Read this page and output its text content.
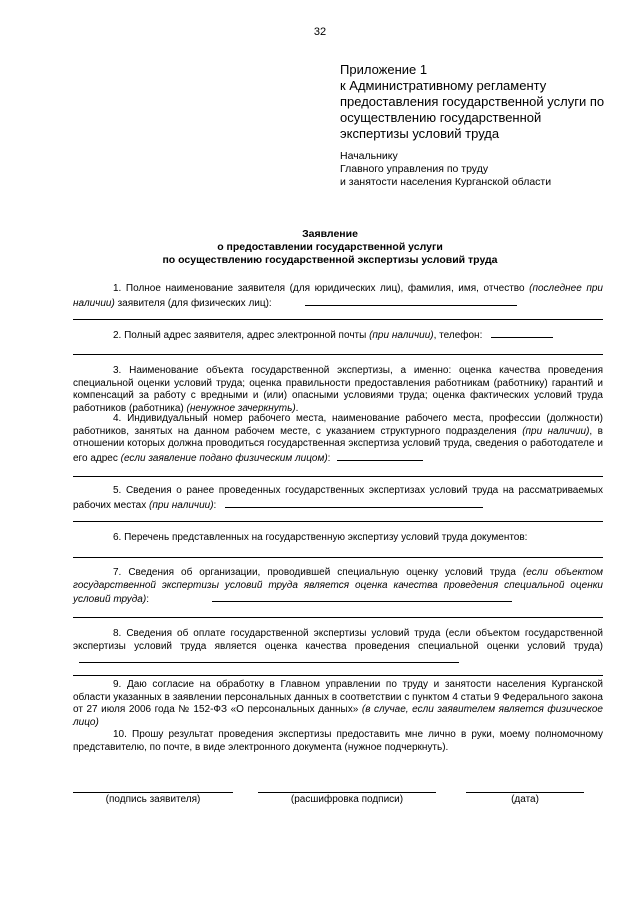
32
Приложение 1
к Административному регламенту
предоставления государственной услуги по
осуществлению государственной
экспертизы условий труда
Начальнику
Главного управления по труду
и занятости населения Курганской области
Заявление
о предоставлении государственной услуги
по осуществлению государственной экспертизы условий труда
1. Полное наименование заявителя (для юридических лиц), фамилия, имя, отчество (последнее при наличии) заявителя (для физических лиц):
2. Полный адрес заявителя, адрес электронной почты (при наличии), телефон:
3. Наименование объекта государственной экспертизы, а именно: оценка качества проведения специальной оценки условий труда; оценка правильности предоставления работникам (работнику) гарантий и компенсаций за работу с вредными и (или) опасными условиями труда; оценка фактических условий труда работников (работника) (ненужное зачеркнуть).
4. Индивидуальный номер рабочего места, наименование рабочего места, профессии (должности) работников, занятых на данном рабочем месте, с указанием структурного подразделения (при наличии), в отношении которых должна проводиться государственная экспертиза условий труда, сведения о работодателе и его адрес (если заявление подано физическим лицом):
5. Сведения о ранее проведенных государственных экспертизах условий труда на рассматриваемых рабочих местах (при наличии):
6. Перечень представленных на государственную экспертизу условий труда документов:
7. Сведения об организации, проводившей специальную оценку условий труда (если объектом государственной экспертизы условий труда является оценка качества проведения специальной оценки условий труда):
8. Сведения об оплате государственной экспертизы условий труда (если объектом государственной экспертизы условий труда является оценка качества проведения специальной оценки условий труда)
9. Даю согласие на обработку в Главном управлении по труду и занятости населения Курганской области указанных в заявлении персональных данных в соответствии с пунктом 4 статьи 9 Федерального закона от 27 июля 2006 года № 152-ФЗ «О персональных данных» (в случае, если заявителем является физическое лицо)
10. Прошу результат проведения экспертизы предоставить мне лично в руки, моему полномочному представителю, по почте, в виде электронного документа (нужное подчеркнуть).
(подпись заявителя)	(расшифровка подписи)	(дата)
